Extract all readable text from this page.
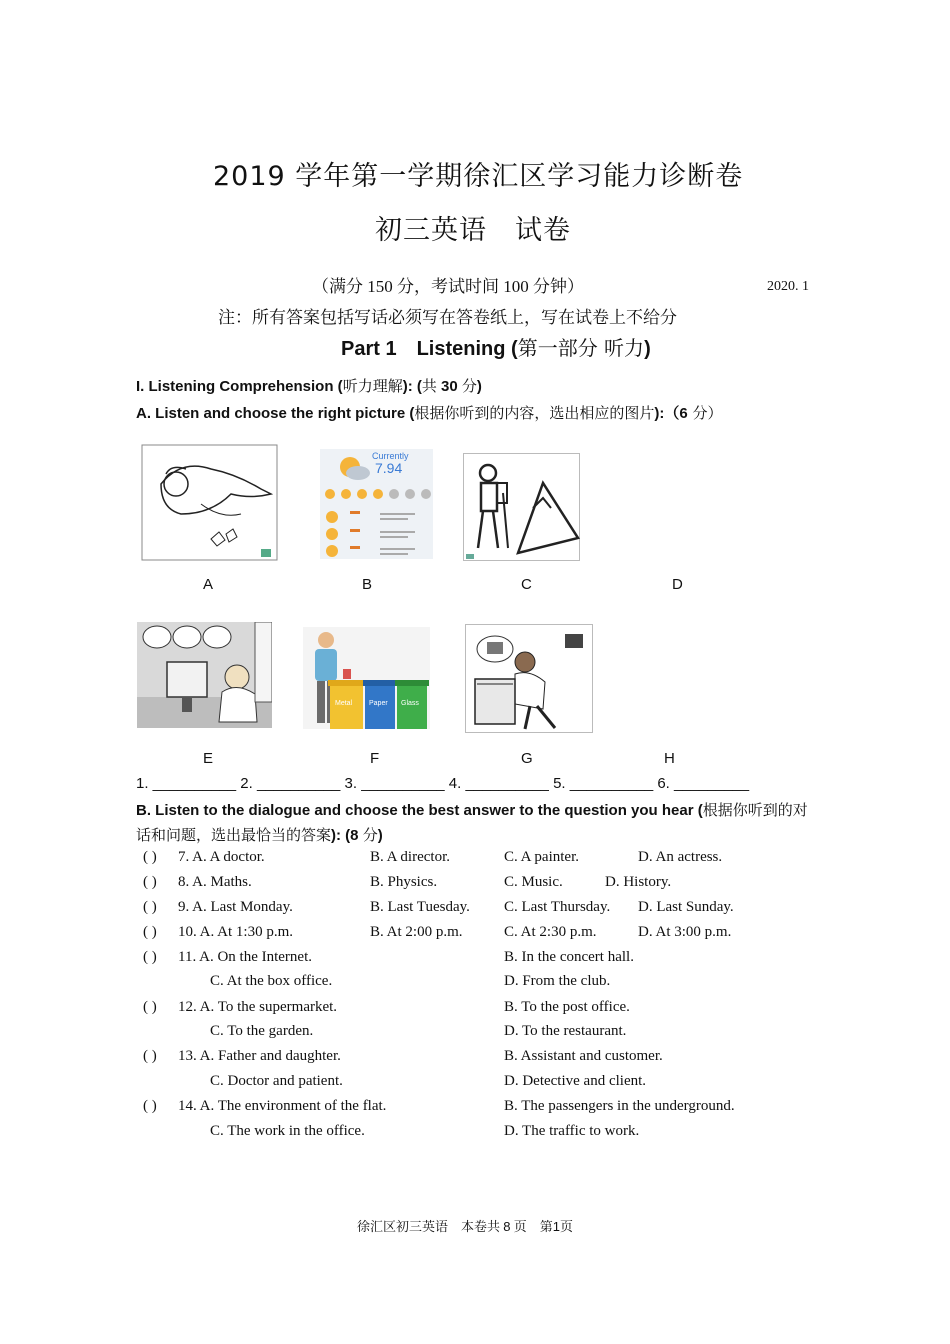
2019 学年第一学期徐汇区学习能力诊断卷
初三英语　试卷
（满分 150 分，考试时间 100 分钟）	2020. 1
注：所有答案包括写话必须写在答卷纸上，写在试卷上不给分
Part 1　Listening (第一部分 听力)
I. Listening Comprehension (听力理解): (共 30 分)
A. Listen and choose the right picture (根据你听到的内容，选出相应的图片):（6 分）
Currently
7.94
A	B	C	D
Metal Paper Glass
E	F	G	H
1. __________ 2. __________ 3. __________ 4. __________ 5. __________ 6. _________
B. Listen to the dialogue and choose the best answer to the question you hear (根据你听到的对
话和问题，选出最恰当的答案): (8 分)
( ) 7. A. A doctor.	B. A director.	C. A painter.	D. An actress.
( ) 8. A. Maths.	B. Physics.	C. Music.	D. History.
( ) 9. A. Last Monday.	B. Last Tuesday. C. Last Thursday. D. Last Sunday.
( ) 10. A. At 1:30 p.m.	B. At 2:00 p.m.	C. At 2:30 p.m.	D. At 3:00 p.m.
( ) 11. A. On the Internet.	B. In the concert hall.
C. At the box office.	D. From the club.
( ) 12. A. To the supermarket.	B. To the post office.
C. To the garden.	D. To the restaurant.
( ) 13. A. Father and daughter.	B. Assistant and customer.
C. Doctor and patient.	D. Detective and client.
( ) 14. A. The environment of the flat.	B. The passengers in the underground.
C. The work in the office.	D. The traffic to work.
徐汇区初三英语　本卷共 8 页　第1页
